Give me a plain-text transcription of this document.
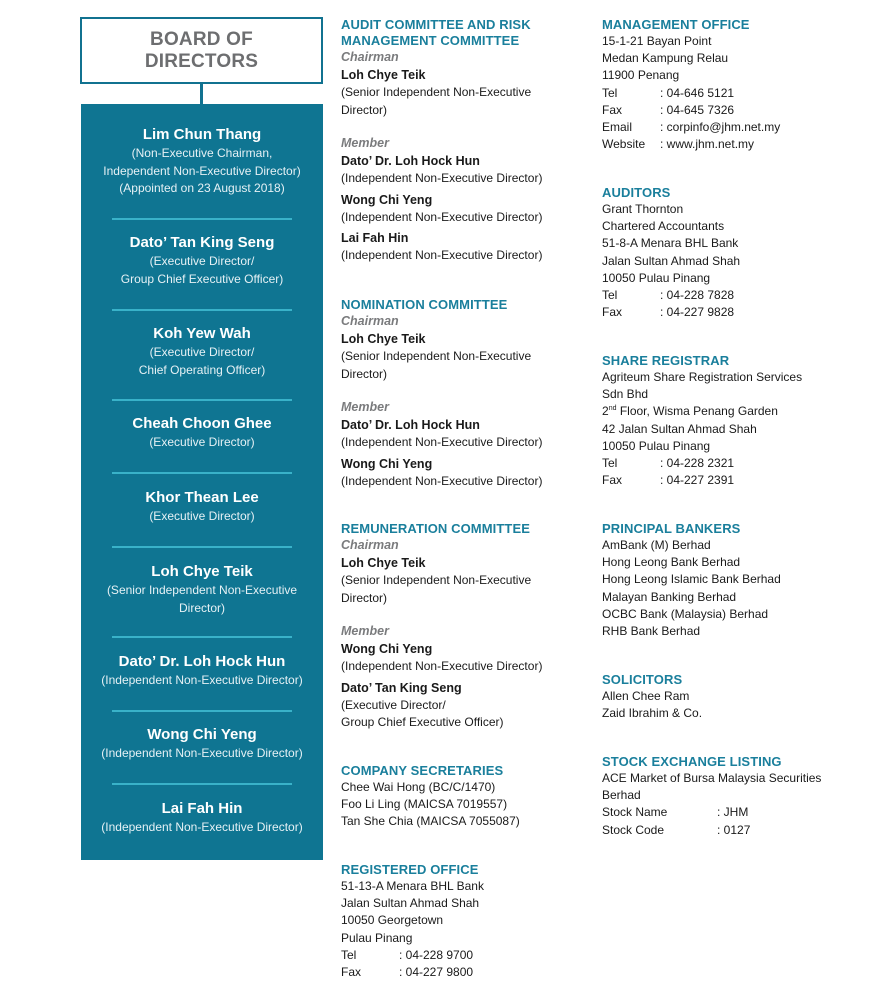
BOARD OF DIRECTORS
Lim Chun Thang
(Non-Executive Chairman,
Independent Non-Executive Director)
(Appointed on 23 August 2018)
Dato’ Tan King Seng
(Executive Director/
Group Chief Executive Officer)
Koh Yew Wah
(Executive Director/
Chief Operating Officer)
Cheah Choon Ghee
(Executive Director)
Khor Thean Lee
(Executive Director)
Loh Chye Teik
(Senior Independent Non-Executive
Director)
Dato’ Dr. Loh Hock Hun
(Independent Non-Executive Director)
Wong Chi Yeng
(Independent Non-Executive Director)
Lai Fah Hin
(Independent Non-Executive Director)
AUDIT COMMITTEE AND RISK
MANAGEMENT COMMITTEE
Chairman
Loh Chye Teik
(Senior Independent Non-Executive
Director)
Member
Dato’ Dr. Loh Hock Hun
(Independent Non-Executive Director)
Wong Chi Yeng
(Independent Non-Executive Director)
Lai Fah Hin
(Independent Non-Executive Director)
NOMINATION COMMITTEE
Chairman
Loh Chye Teik
(Senior Independent Non-Executive
Director)
Member
Dato’ Dr. Loh Hock Hun
(Independent Non-Executive Director)
Wong Chi Yeng
(Independent Non-Executive Director)
REMUNERATION COMMITTEE
Chairman
Loh Chye Teik
(Senior Independent Non-Executive
Director)
Member
Wong Chi Yeng
(Independent Non-Executive Director)
Dato’ Tan King Seng
(Executive Director/
Group Chief Executive Officer)
COMPANY SECRETARIES
Chee Wai Hong (BC/C/1470)
Foo Li Ling (MAICSA 7019557)
Tan She Chia (MAICSA 7055087)
REGISTERED OFFICE
51-13-A Menara BHL Bank
Jalan Sultan Ahmad Shah
10050 Georgetown
Pulau Pinang
Tel	: 04-228 9700
Fax	: 04-227 9800
MANAGEMENT OFFICE
15-1-21 Bayan Point
Medan Kampung Relau
11900 Penang
Tel	: 04-646 5121
Fax	: 04-645 7326
Email	: corpinfo@jhm.net.my
Website	: www.jhm.net.my
AUDITORS
Grant Thornton
Chartered Accountants
51-8-A Menara BHL Bank
Jalan Sultan Ahmad Shah
10050 Pulau Pinang
Tel	: 04-228 7828
Fax	: 04-227 9828
SHARE REGISTRAR
Agriteum Share Registration Services
Sdn Bhd
2nd Floor, Wisma Penang Garden
42 Jalan Sultan Ahmad Shah
10050 Pulau Pinang
Tel	: 04-228 2321
Fax	: 04-227 2391
PRINCIPAL BANKERS
AmBank (M) Berhad
Hong Leong Bank Berhad
Hong Leong Islamic Bank Berhad
Malayan Banking Berhad
OCBC Bank (Malaysia) Berhad
RHB Bank Berhad
SOLICITORS
Allen Chee Ram
Zaid Ibrahim & Co.
STOCK EXCHANGE LISTING
ACE Market of Bursa Malaysia Securities
Berhad
Stock Name	: JHM
Stock Code	: 0127
